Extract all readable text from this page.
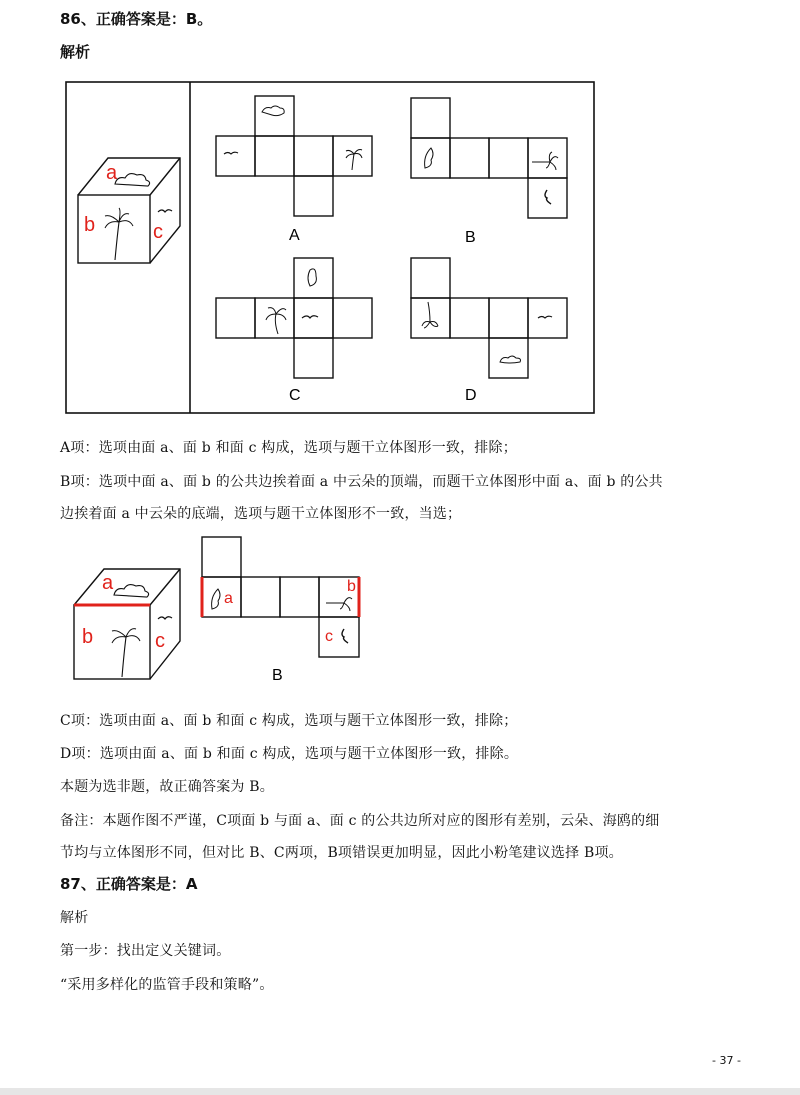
86、正确答案是：B。
解析
a
b	c	A	B
C	D
A项：选项由面 a、面 b 和面 c 构成，选项与题干立体图形一致，排除；
B项：选项中面 a、面 b 的公共边挨着面 a 中云朵的顶端，而题干立体图形中面 a、面 b 的公共
边挨着面 a 中云朵的底端，选项与题干立体图形不一致，当选；
a
b	c
a
b
c
B
C项：选项由面 a、面 b 和面 c 构成，选项与题干立体图形一致，排除；
D项：选项由面 a、面 b 和面 c 构成，选项与题干立体图形一致，排除。
本题为选非题，故正确答案为 B。
备注：本题作图不严谨，C项面 b 与面 a、面 c 的公共边所对应的图形有差别，云朵、海鸥的细
节均与立体图形不同，但对比 B、C两项，B项错误更加明显，因此小粉笔建议选择 B项。
87、正确答案是：A
解析
第一步：找出定义关键词。
“采用多样化的监管手段和策略”。
- 37 -
